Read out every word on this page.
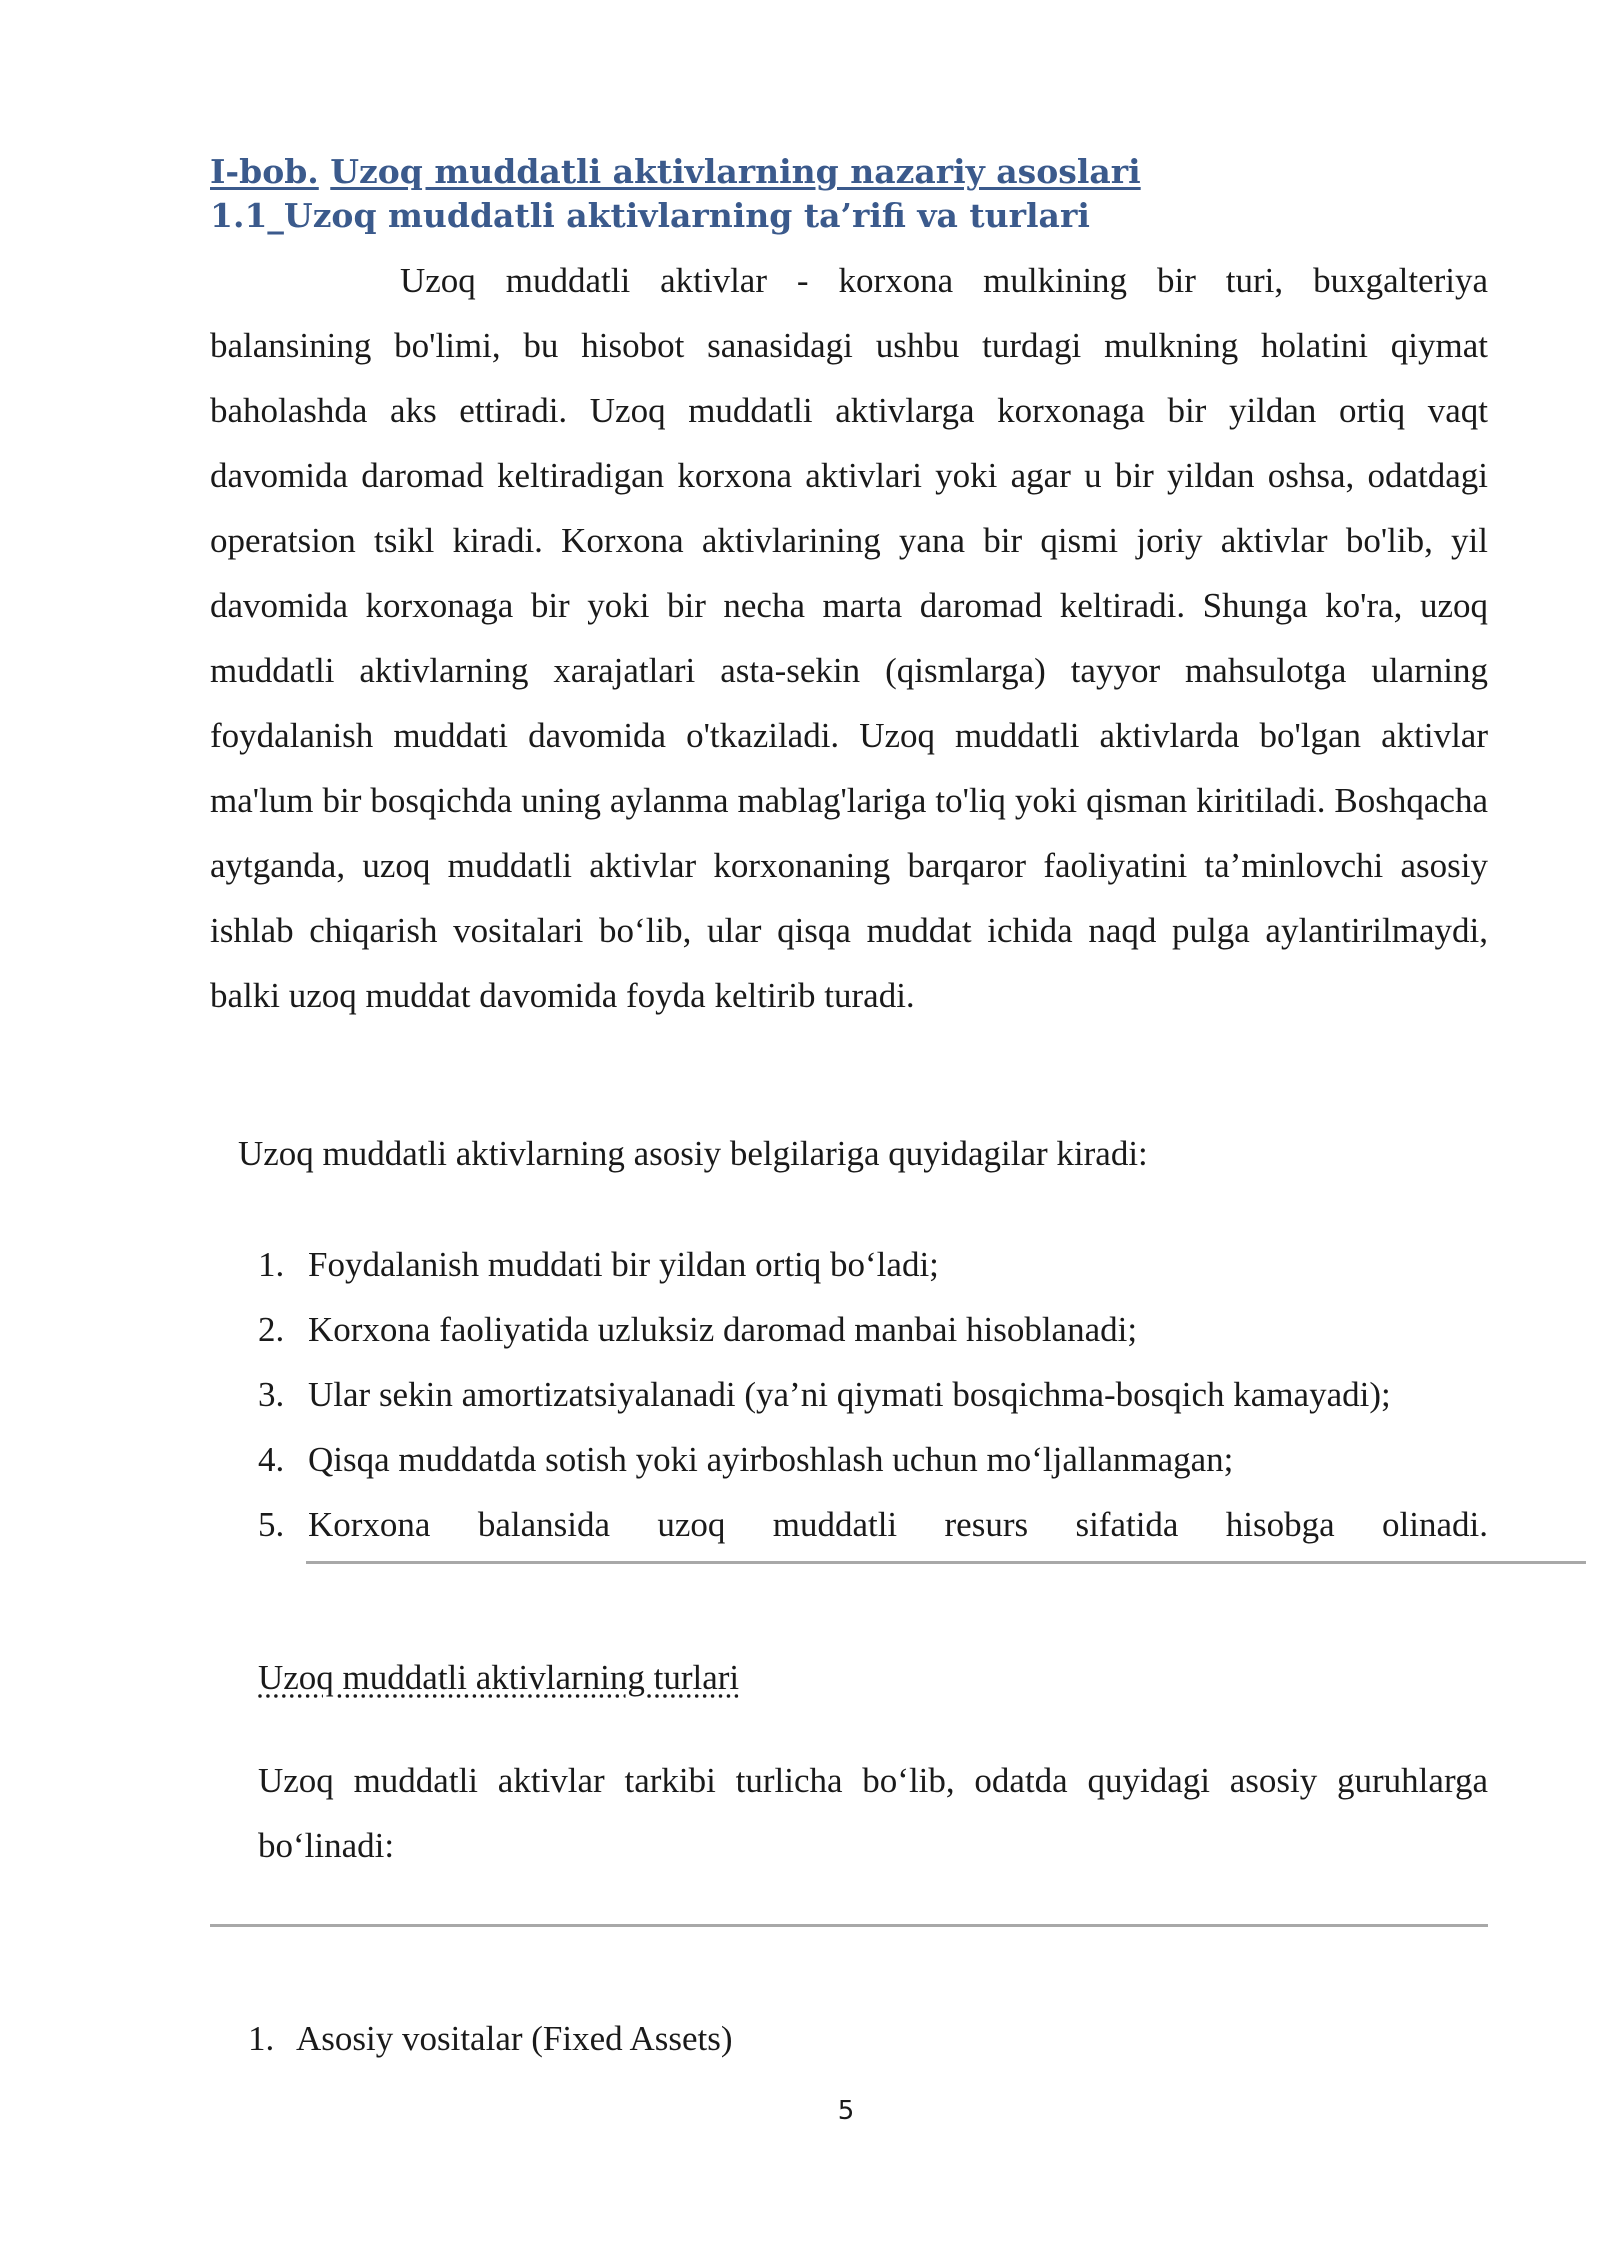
I-bob. Uzoq muddatli aktivlarning nazariy asoslari
1.1_Uzoq muddatli aktivlarning ta’rifi va turlari

Uzoq muddatli aktivlar - korxona mulkining bir turi, buxgalteriya balansining bo'limi, bu hisobot sanasidagi ushbu turdagi mulkning holatini qiymat baholashda aks ettiradi. Uzoq muddatli aktivlarga korxonaga bir yildan ortiq vaqt davomida daromad keltiradigan korxona aktivlari yoki agar u bir yildan oshsa, odatdagi operatsion tsikl kiradi. Korxona aktivlarining yana bir qismi joriy aktivlar bo'lib, yil davomida korxonaga bir yoki bir necha marta daromad keltiradi. Shunga ko'ra, uzoq muddatli aktivlarning xarajatlari asta-sekin (qismlarga) tayyor mahsulotga ularning foydalanish muddati davomida o'tkaziladi. Uzoq muddatli aktivlarda bo'lgan aktivlar ma'lum bir bosqichda uning aylanma mablag'lariga to'liq yoki qisman kiritiladi. Boshqacha aytganda, uzoq muddatli aktivlar korxonaning barqaror faoliyatini ta’minlovchi asosiy ishlab chiqarish vositalari bo‘lib, ular qisqa muddat ichida naqd pulga aylantirilmaydi, balki uzoq muddat davomida foyda keltirib turadi.

Uzoq muddatli aktivlarning asosiy belgilariga quyidagilar kiradi:

1. Foydalanish muddati bir yildan ortiq bo‘ladi;
2. Korxona faoliyatida uzluksiz daromad manbai hisoblanadi;
3. Ular sekin amortizatsiyalanadi (ya’ni qiymati bosqichma-bosqich kamayadi);
4. Qisqa muddatda sotish yoki ayirboshlash uchun mo‘ljallanmagan;
5. Korxona balansida uzoq muddatli resurs sifatida hisobga olinadi.
Uzoq muddatli aktivlarning turlari

Uzoq muddatli aktivlar tarkibi turlicha bo‘lib, odatda quyidagi asosiy guruhlarga bo‘linadi:

1. Asosiy vositalar (Fixed Assets)
5
